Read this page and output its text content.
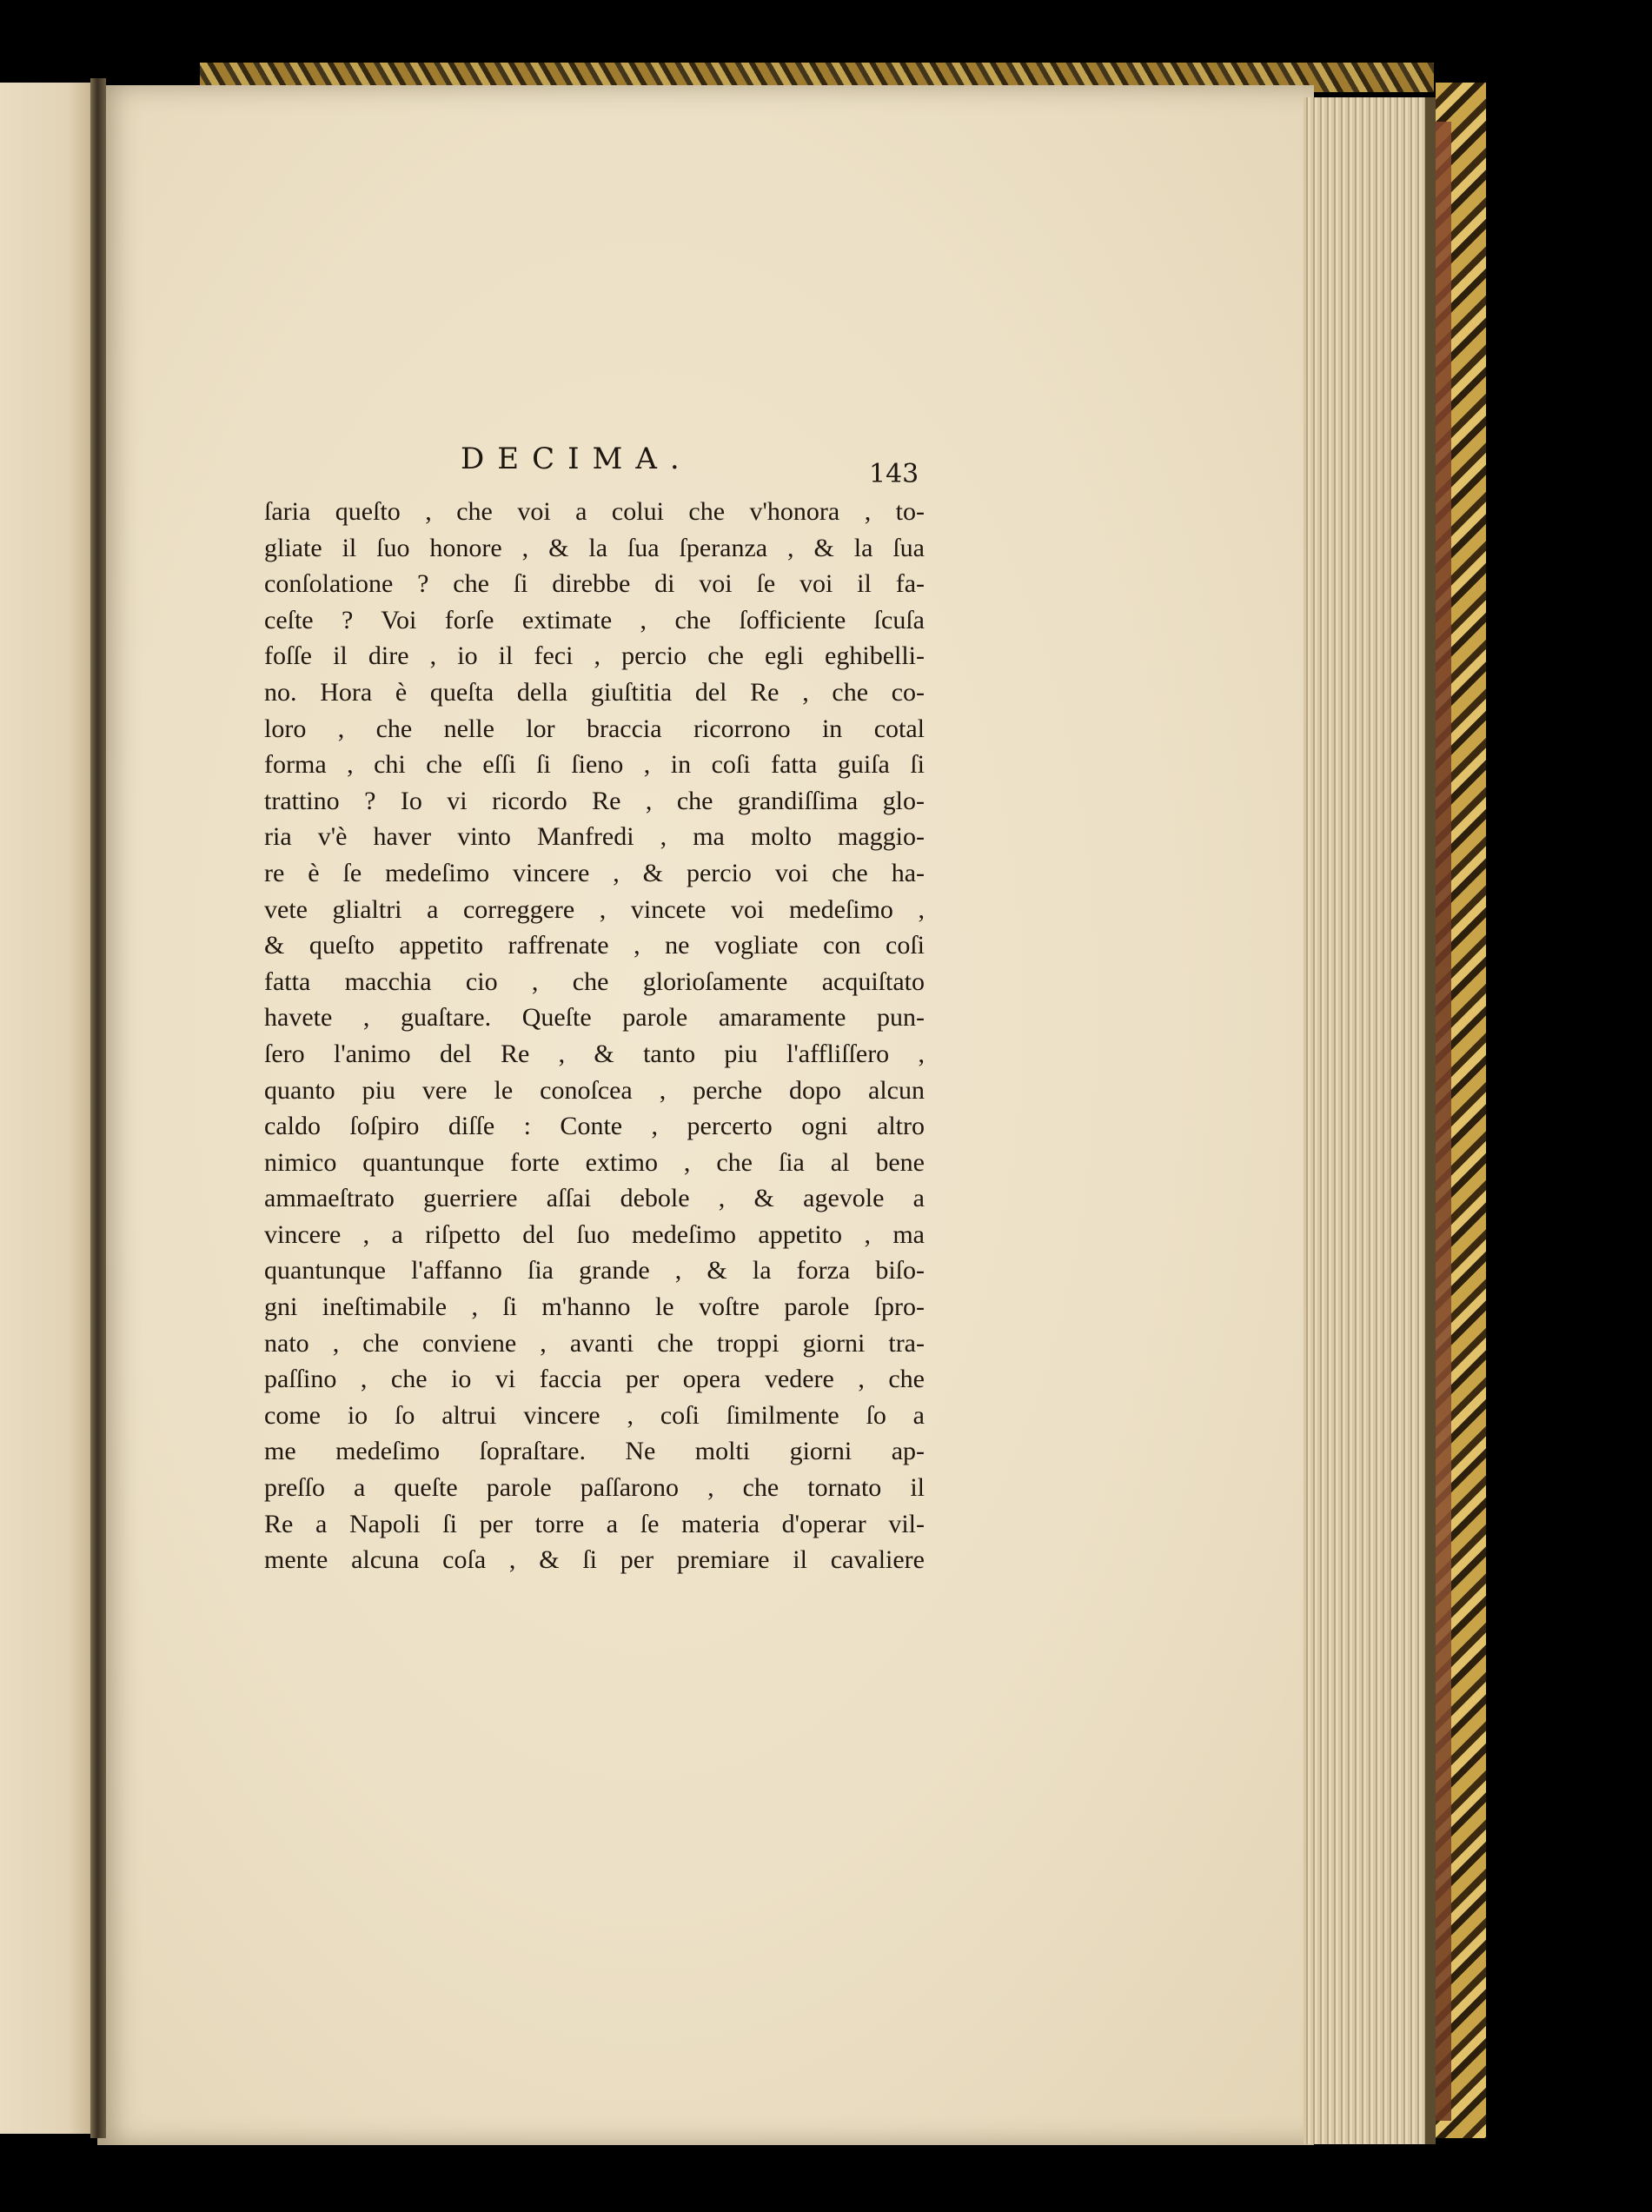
DECIMA.	143
ſaria queſto , che voi a colui che v'honora , to-
gliate il ſuo honore , & la ſua ſperanza , & la ſua
conſolatione ? che ſi direbbe di voi ſe voi il fa-
ceſte ? Voi forſe extimate , che ſofficiente ſcuſa
foſſe il dire , io il feci , percio che egli eghibelli-
no. Hora è queſta della giuſtitia del Re , che co-
loro , che nelle lor braccia ricorrono in cotal
forma , chi che eſſi ſi ſieno , in coſi fatta guiſa ſi
trattino ? Io vi ricordo Re , che grandiſſima glo-
ria v'è haver vinto Manfredi , ma molto maggio-
re è ſe medeſimo vincere , & percio voi che ha-
vete glialtri a correggere , vincete voi medeſimo ,
& queſto appetito raffrenate , ne vogliate con coſi
fatta macchia cio , che glorioſamente acquiſtato
havete , guaſtare. Queſte parole amaramente pun-
ſero l'animo del Re , & tanto piu l'affliſſero ,
quanto piu vere le conoſcea , perche dopo alcun
caldo ſoſpiro diſſe : Conte , percerto ogni altro
nimico quantunque forte extimo , che ſia al bene
ammaeſtrato guerriere aſſai debole , & agevole a
vincere , a riſpetto del ſuo medeſimo appetito , ma
quantunque l'affanno ſia grande , & la forza biſo-
gni ineſtimabile , ſi m'hanno le voſtre parole ſpro-
nato , che conviene , avanti che troppi giorni tra-
paſſino , che io vi faccia per opera vedere , che
come io ſo altrui vincere , coſi ſimilmente ſo a
me medeſimo ſopraſtare. Ne molti giorni ap-
preſſo a queſte parole paſſarono , che tornato il
Re a Napoli ſi per torre a ſe materia d'operar vil-
mente alcuna coſa , & ſi per premiare il cavaliere
